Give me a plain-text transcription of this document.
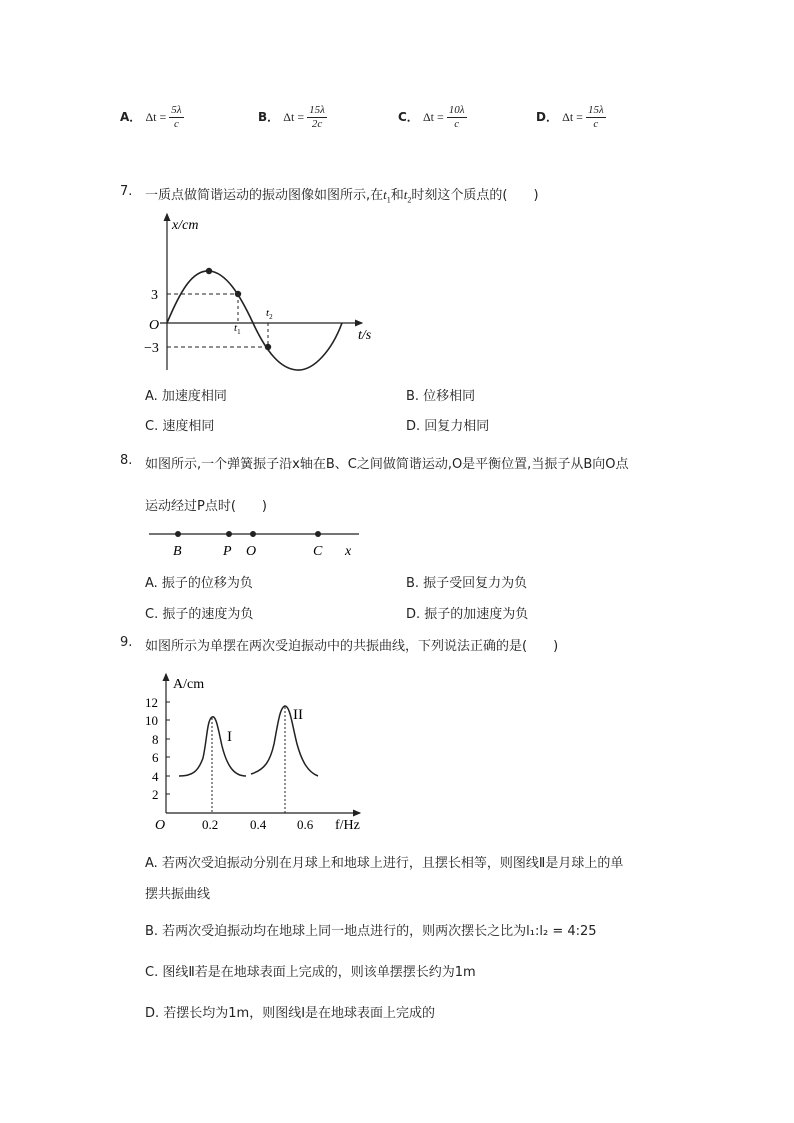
A． $\Delta t = \frac{5\lambda}{c}$	B． $\Delta t = \frac{15\lambda}{2c}$	C． $\Delta t = \frac{10\lambda}{c}$	D． $\Delta t = \frac{15\lambda}{c}$
7. 一质点做简谐运动的振动图像如图所示,在$t_1$和$t_2$时刻这个质点的(　　)
x/cm
t/s
O
3
−3
$t_1$
$t_2$
A. 加速度相同	B. 位移相同
C. 速度相同	D. 回复力相同
8. 如图所示,一个弹簧振子沿x轴在B、C之间做简谐运动,O是平衡位置,当振子从B向O点
运动经过P点时(　　)
B	P O	C x
A. 振子的位移为负	B. 振子受回复力为负
C. 振子的速度为负	D. 振子的加速度为负
9. 如图所示为单摆在两次受迫振动中的共振曲线，下列说法正确的是(　　)
12
10
8
6
4
2
O	0.2 0.4 0.6
I
II
A/cm
f/Hz
A. 若两次受迫振动分别在月球上和地球上进行，且摆长相等，则图线Ⅱ是月球上的单
摆共振曲线
B. 若两次受迫振动均在地球上同一地点进行的，则两次摆长之比为l₁:l₂ = 4:25
C. 图线Ⅱ若是在地球表面上完成的，则该单摆摆长约为1m
D. 若摆长均为1m，则图线Ⅰ是在地球表面上完成的
